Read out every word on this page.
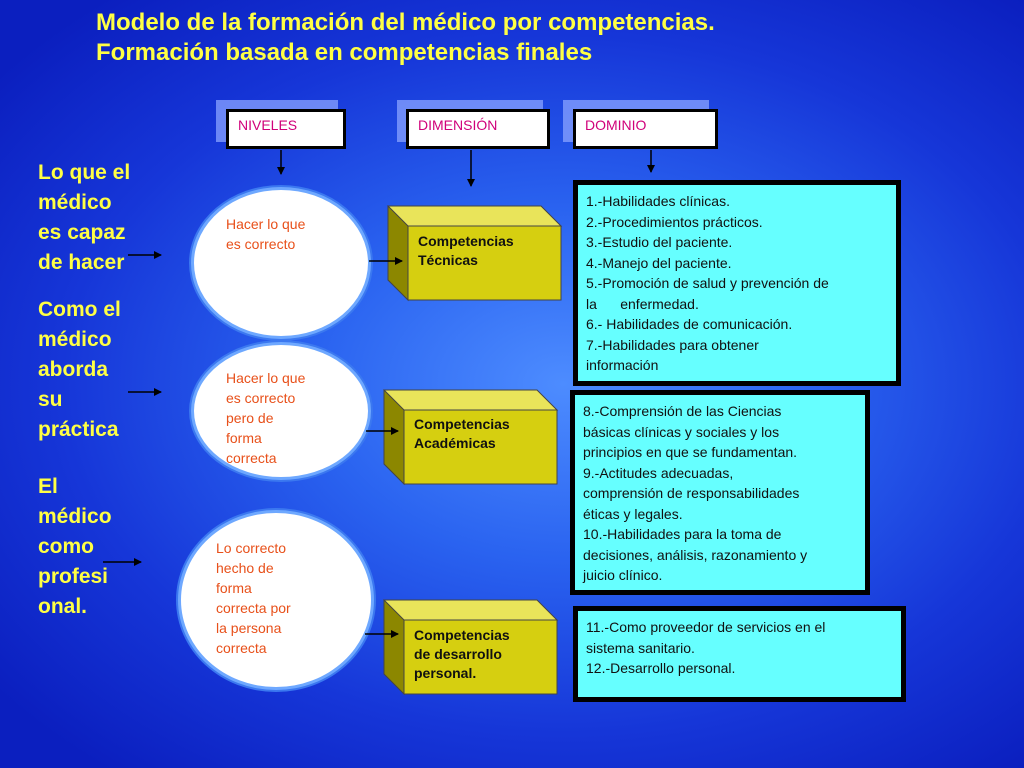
Modelo de la formación del médico por competencias.
Formación basada en competencias finales
NIVELES	DIMENSIÓN	DOMINIO
Lo que el
médico
es capaz
de hacer
Como el
médico
aborda
su
práctica
El
médico
como
profesi
onal.
Hacer lo que
es correcto
Hacer lo que
es correcto
pero de
forma
correcta
Lo correcto
hecho de
forma
correcta por
la persona
correcta
Competencias
Técnicas
Competencias
Académicas
Competencias
de desarrollo
personal.
1.-Habilidades clínicas.
2.-Procedimientos prácticos.
3.-Estudio del paciente.
4.-Manejo del paciente.
5.-Promoción de salud y prevención de
la      enfermedad.
6.- Habilidades de comunicación.
7.-Habilidades para obtener
información
8.-Comprensión de las Ciencias
básicas clínicas y sociales y los
principios en que se fundamentan.
9.-Actitudes adecuadas,
comprensión de responsabilidades
éticas y legales.
10.-Habilidades para la toma de
decisiones, análisis, razonamiento y
juicio clínico.
11.-Como proveedor de servicios en el
sistema sanitario.
12.-Desarrollo personal.
